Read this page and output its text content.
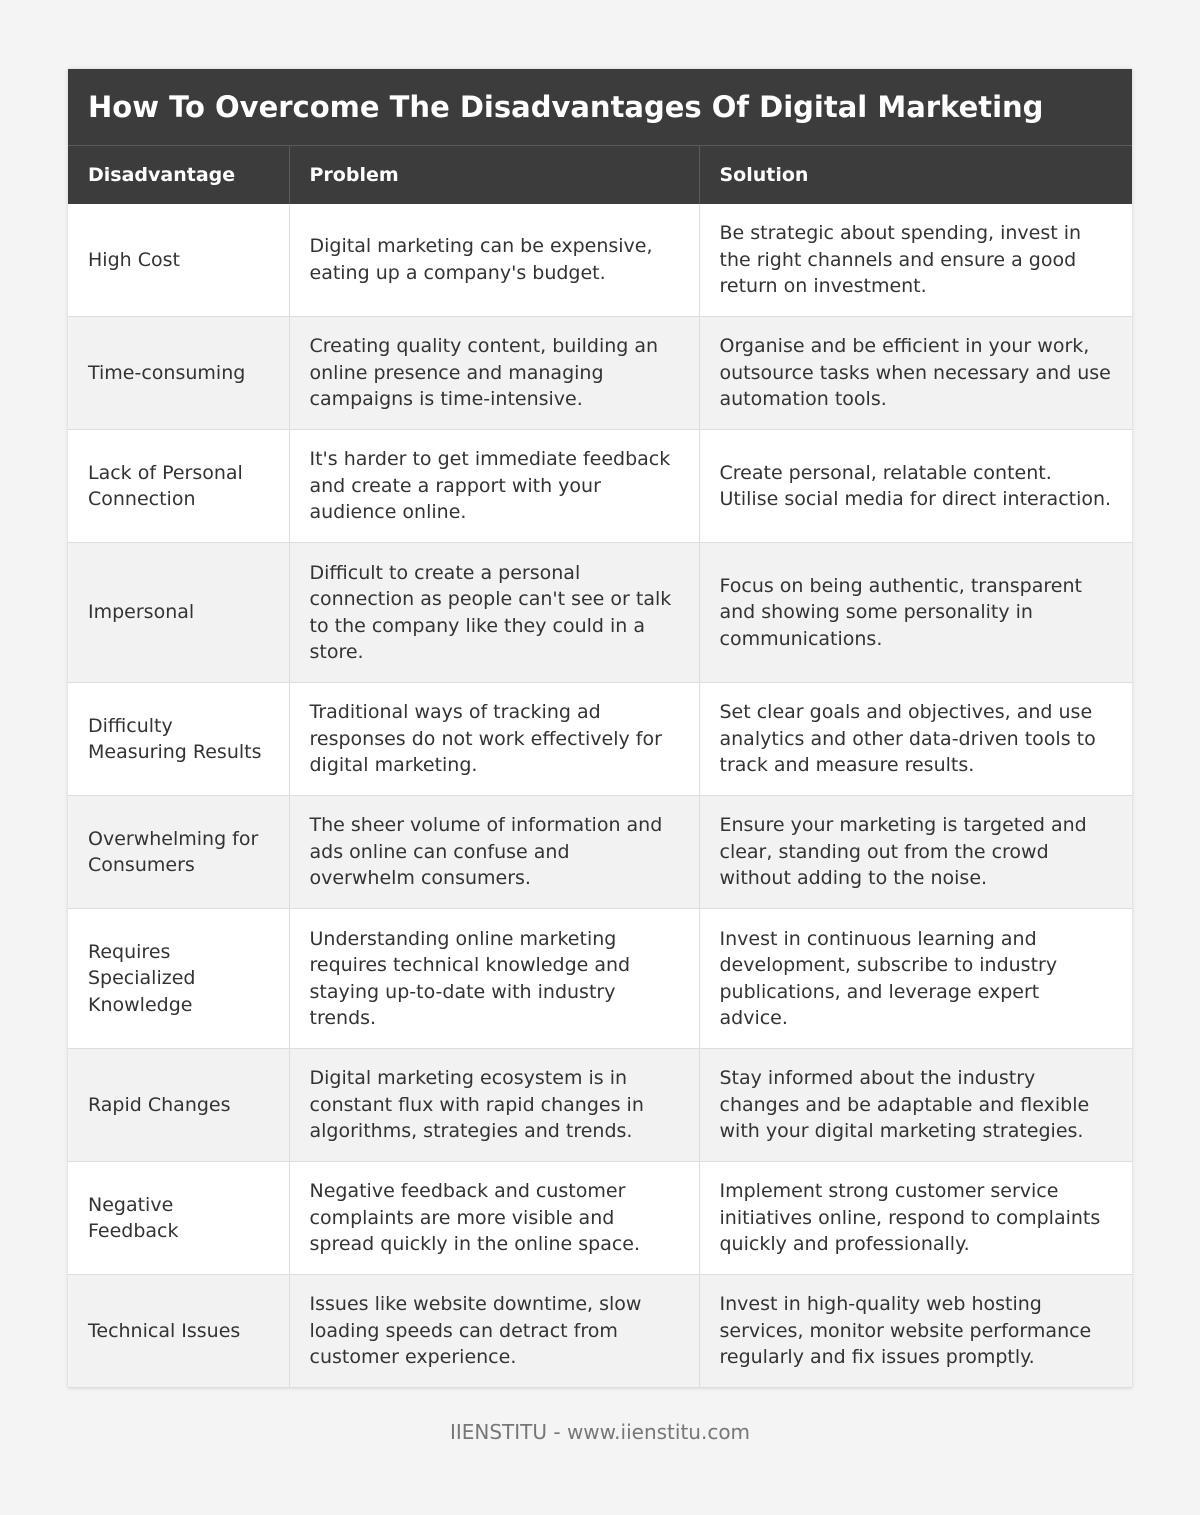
How To Overcome The Disadvantages Of Digital Marketing
Disadvantage	Problem	Solution
High Cost	Digital marketing can be expensive, eating up a company's budget.	Be strategic about spending, invest in the right channels and ensure a good return on investment.
Time-consuming	Creating quality content, building an online presence and managing campaigns is time-intensive.	Organise and be efficient in your work, outsource tasks when necessary and use automation tools.
Lack of Personal Connection	It's harder to get immediate feedback and create a rapport with your audience online.	Create personal, relatable content. Utilise social media for direct interaction.
Impersonal	Difficult to create a personal connection as people can't see or talk to the company like they could in a store.	Focus on being authentic, transparent and showing some personality in communications.
Difficulty Measuring Results	Traditional ways of tracking ad responses do not work effectively for digital marketing.	Set clear goals and objectives, and use analytics and other data-driven tools to track and measure results.
Overwhelming for Consumers	The sheer volume of information and ads online can confuse and overwhelm consumers.	Ensure your marketing is targeted and clear, standing out from the crowd without adding to the noise.
Requires Specialized Knowledge	Understanding online marketing requires technical knowledge and staying up-to-date with industry trends.	Invest in continuous learning and development, subscribe to industry publications, and leverage expert advice.
Rapid Changes	Digital marketing ecosystem is in constant flux with rapid changes in algorithms, strategies and trends.	Stay informed about the industry changes and be adaptable and flexible with your digital marketing strategies.
Negative Feedback	Negative feedback and customer complaints are more visible and spread quickly in the online space.	Implement strong customer service initiatives online, respond to complaints quickly and professionally.
Technical Issues	Issues like website downtime, slow loading speeds can detract from customer experience.	Invest in high-quality web hosting services, monitor website performance regularly and fix issues promptly.
IIENSTITU - www.iienstitu.com
